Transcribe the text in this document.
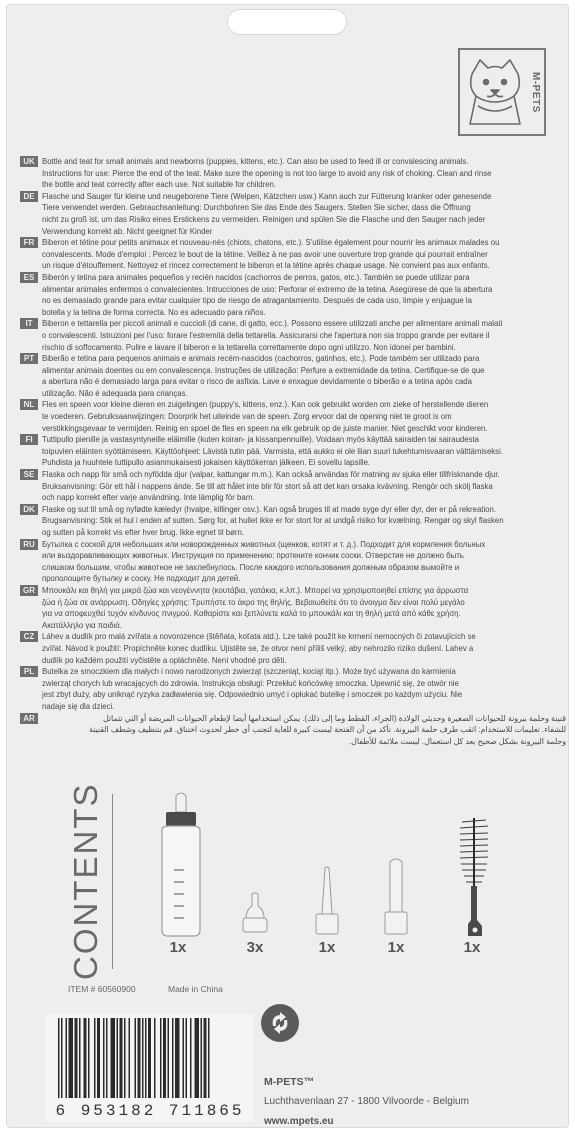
M-PETS
UK Bottle and teat for small animals and newborns (puppies, kittens, etc.). Can also be used to feed ill or convalescing animals.
Instructions for use: Pierce the end of the teat. Make sure the opening is not too large to avoid any risk of choking. Clean and rinse
the bottle and teat correctly after each use. Not suitable for children.
DE Flasche und Sauger für kleine und neugeborene Tiere (Welpen, Kätzchen usw.) Kann auch zur Fütterung kranker oder genesende
Tiere verwendet werden. Gebrauchsanleitung: Durchbohren Sie das Ende des Saugers. Stellen Sie sicher, dass die Öffnung
nicht zu groß ist, um das Risiko eines Erstickens zu vermeiden. Reinigen und spülen Sie die Flasche und den Sauger nach jeder
Verwendung korrekt ab. Nicht geeignet für Kinder
FR Biberon et tétine pour petits animaux et nouveau-nés (chiots, chatons, etc.). S'utilise également pour nourrir les animaux malades ou
convalescents. Mode d'emploi : Percez le bout de la tétine. Veillez à ne pas avoir une ouverture trop grande qui pourrait entraîner
un risque d'étouffement. Nettoyez et rincez correctement le biberon et la tétine après chaque usage. Ne convient pas aux enfants.
ES Biberón y tetina para animales pequeños y recién nacidos (cachorros de perros, gatos, etc.). También se puede utilizar para
alimentar animales enfermos o convalecientes. Intrucciones de uso: Perforar el extremo de la tetina. Asegúrese de que la abertura
no es demasiado grande para evitar cualquier tipo de riesgo de atragantamiento. Después de cada uso, limpie y enjuague la
botella y la tetina de forma correcta. No es adecuado para niños.
IT	Biberon e tettarella per piccoli animali e cuccioli (di cane, di gatto, ecc.). Possono essere utilizzati anche per alimentare animali malati
o convalescenti. Istruzioni per l'uso: forare l'estremità della tettarella. Assicurarsi che l'apertura non sia troppo grande per evitare il
rischio di soffocamento. Pulire e lavare il biberon e la tettarella correttamente dopo ogni utilizzo. Non idonei per bambini.
PT	Biberão e tetina para pequenos animais e animais recém-nascidos (cachorros, gatinhos, etc.). Pode também ser utilizado para
alimentar animais doentes ou em convalescença. Instruções de utilização: Perfure a extremidade da tetina. Certifique-se de que
a abertura não é demasiado larga para evitar o risco de asfixia. Lave e enxague devidamente o biberão e a tetina após cada
utilização. Não é adequada para crianças.
NL Fles en speen voor kleine dieren en zuigelingen (puppy's, kittens, enz.). Kan ook gebruikt worden om zieke of herstellende dieren
te voederen. Gebruiksaanwijzingen: Doorprik het uiteinde van de speen. Zorg ervoor dat de opening niet te groot is om
verstikkingsgevaar te vermijden. Reinig en spoel de fles en speen na elk gebruik op de juiste manier. Niet geschikt voor kinderen.
FI	Tuttipullo pienille ja vastasyntyneille eläimille (kuten koiran- ja kissanpennuille). Voidaan myös käyttää sairaiden tai sairaudesta
toipuvien eläinten syöttämiseen. Käyttöohjeet: Lävistä tutin pää. Varmista, että aukko ei ole liian suuri tukehtumisvaaran välttämiseksi.
Puhdista ja huuhtele tuttipullo asianmukaisesti jokaisen käyttökerran jälkeen. Ei sovellu lapsille.
SE Flaska och napp för små och nyfödda djur (valpar, kattungar m.m.). Kan också användas för matning av sjuka eller tillfrisknande djur.
Bruksanvisning: Gör ett hål i nappens ände. Se till att hålet inte blir för stort så att det kan orsaka kvävning. Rengör och skölj flaska
och napp korrekt efter varje användning. Inte lämplig för barn.
DK Flaske og sut til små og nyfødte kæledyr (hvalpe, killinger osv.). Kan også bruges til at made syge dyr eller dyr, der er på rekreation.
Brugsanvisning: Stik et hul i enden af sutten. Sørg for, at hullet ikke er for stort for at undgå risiko for kvælning. Rengør og skyl flasken
og sutten på korrekt vis efter hver brug. Ikke egnet til børn.
RU Бутылка с соской для небольших или новорожденных животных (щенков, котят и т. д.). Подходит для кормления больных
или выздоравливающих животных. Инструкция по применению: проткните кончик соски. Отверстие не должно быть
слишком большим, чтобы животное не захлебнулось. После каждого использования должным образом вымойте и
прополощите бутылку и соску. Не подходит для детей.
GR Μπουκάλι και θηλή για μικρά ζώα και νεογέννητα (κουτάβια, γατάκια, κ.λπ.). Μπορεί να χρησιμοποιηθεί επίσης για άρρωστα
ζώα ή ζώα σε ανάρρωση. Οδηγίες χρήσης: Τρυπήστε το άκρο της θηλής. Βεβαιωθείτε ότι το άνοιγμα δεν είναι πολύ μεγάλο
για να αποφευχθεί τυχόν κίνδυνος πνιγμού. Καθαρίστε και ξεπλύνετε καλά το μπουκάλι και τη θηλή μετά από κάθε χρήση.
Ακατάλληλο για παιδιά.
CZ Láhev a dudlík pro malá zvířata a novorozence (štěňata, koťata atd.). Lze také použít ke krmení nemocných či zotavujících se
zvířat. Návod k použití: Propíchněte konec dudlíku. Ujistěte se, že otvor není příliš velký, aby nehrozilo riziko dušení. Lahev a
dudlík po každém použití vyčistěte a opláchněte. Není vhodné pro děti.
PL	Butelka ze smoczkiem dla małych i nowo narodzonych zwierząt (szczeniąt, kociąt itp.). Może być używana do karmienia
zwierząt chorych lub wracających do zdrowia. Instrukcja obsługi: Przekłuć końcówkę smoczka. Upewnić się, że otwór nie
jest zbyt duży, aby uniknąć ryzyka zadławienia się. Odpowiednio umyć i opłukać butelkę i smoczek po każdym użyciu. Nie
nadaje się dla dzieci.
AR	قنينة وحلمة ببرونة للحيوانات الصغيرة وحديثي الولادة (الجراء، القطط وما إلى ذلك). يمكن استخدامها أيضا لإطعام الحيوانات المريضة أو التي تتماثل
للشفاء. تعليمات للاستخدام: اثقب طرف حلمة البيرونة. تأكد من أن الفتحة ليست كبيرة للغاية لتجنب أي خطر لحدوث اختناق. قم بتنظيف وشطف القنينة
وحلمة البيرونة بشكل صحيح بعد كل استعمال. ليست ملائمة للأطفال.
CONTENTS	1x	3x	1x	1x	1x
ITEM # 60560900	Made in China
6 953182 711865
M-PETS™
Luchthavenlaan 27 - 1800 Vilvoorde - Belgium
www.mpets.eu
